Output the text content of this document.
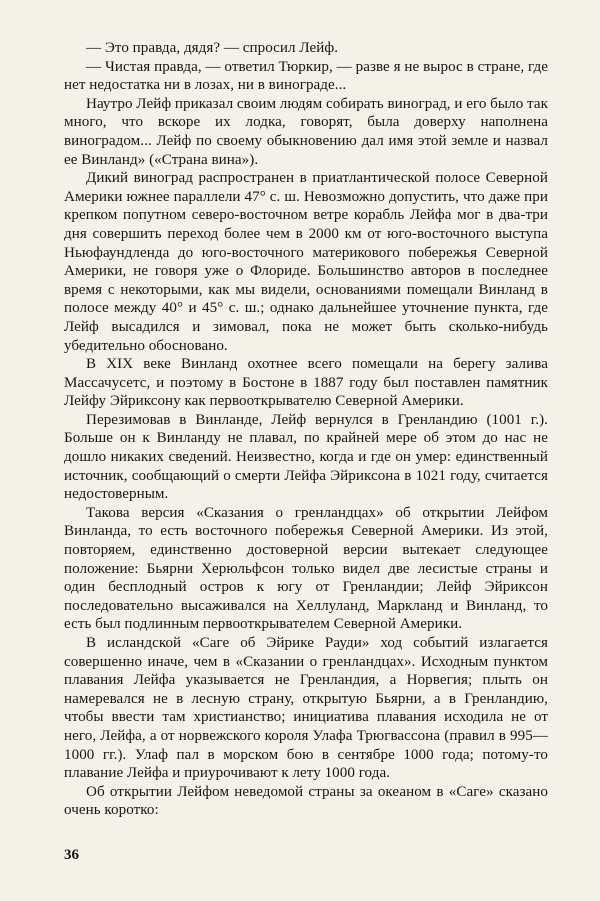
— Это правда, дядя? — спросил Лейф.

— Чистая правда, — ответил Тюркир, — разве я не вырос в стране, где нет недостатка ни в лозах, ни в винограде...

Наутро Лейф приказал своим людям собирать виноград, и его было так много, что вскоре их лодка, говорят, была доверху наполнена виноградом... Лейф по своему обыкновению дал имя этой земле и назвал ее Винланд» («Страна вина»).

Дикий виноград распространен в приатлантической полосе Северной Америки южнее параллели 47° с. ш. Невозможно допустить, что даже при крепком попутном северо-восточном ветре корабль Лейфа мог в два-три дня совершить переход более чем в 2000 км от юго-восточного выступа Ньюфаундленда до юго-восточного материкового побережья Северной Америки, не говоря уже о Флориде. Большинство авторов в последнее время с некоторыми, как мы видели, основаниями помещали Винланд в полосе между 40° и 45° с. ш.; однако дальнейшее уточнение пункта, где Лейф высадился и зимовал, пока не может быть сколько-нибудь убедительно обосновано.

В XIX веке Винланд охотнее всего помещали на берегу залива Массачусетс, и поэтому в Бостоне в 1887 году был поставлен памятник Лейфу Эйриксону как первооткрывателю Северной Америки.

Перезимовав в Винланде, Лейф вернулся в Гренландию (1001 г.). Больше он к Винланду не плавал, по крайней мере об этом до нас не дошло никаких сведений. Неизвестно, когда и где он умер: единственный источник, сообщающий о смерти Лейфа Эйриксона в 1021 году, считается недостоверным.

Такова версия «Сказания о гренландцах» об открытии Лейфом Винланда, то есть восточного побережья Северной Америки. Из этой, повторяем, единственно достоверной версии вытекает следующее положение: Бьярни Херюльфсон только видел две лесистые страны и один бесплодный остров к югу от Гренландии; Лейф Эйриксон последовательно высаживался на Хеллуланд, Маркланд и Винланд, то есть был подлинным первооткрывателем Северной Америки.

В исландской «Саге об Эйрике Рауди» ход событий излагается совершенно иначе, чем в «Сказании о гренландцах». Исходным пунктом плавания Лейфа указывается не Гренландия, а Норвегия; плыть он намеревался не в лесную страну, открытую Бьярни, а в Гренландию, чтобы ввести там христианство; инициатива плавания исходила не от него, Лейфа, а от норвежского короля Улафа Трюгвассона (правил в 995—1000 гг.). Улаф пал в морском бою в сентябре 1000 года; потому-то плавание Лейфа и приурочивают к лету 1000 года.

Об открытии Лейфом неведомой страны за океаном в «Саге» сказано очень коротко:

36
